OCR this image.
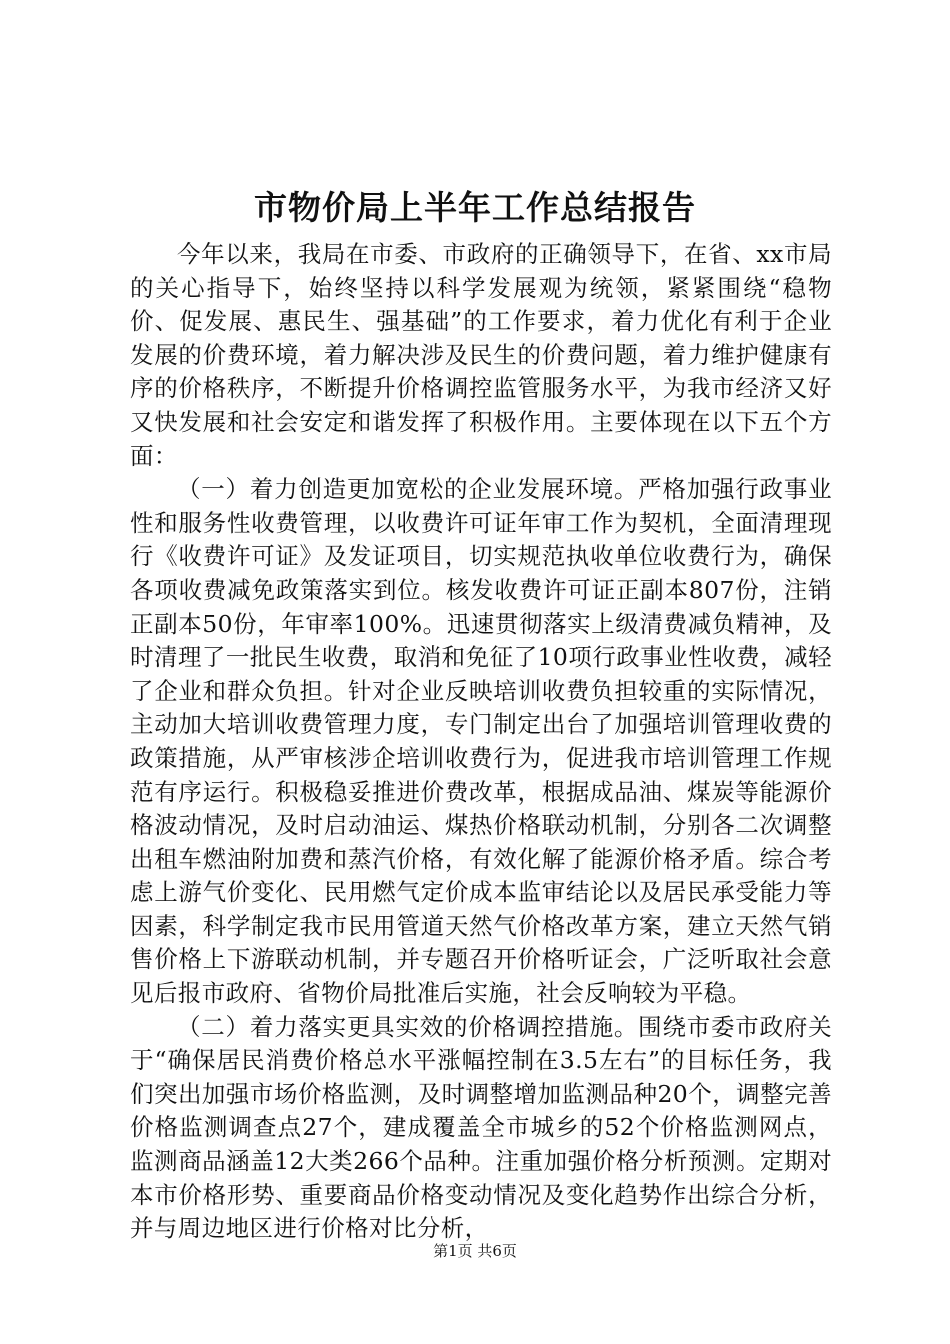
市物价局上半年工作总结报告

今年以来，我局在市委、市政府的正确领导下，在省、xx市局的关心指导下，始终坚持以科学发展观为统领，紧紧围绕“稳物价、促发展、惠民生、强基础”的工作要求，着力优化有利于企业发展的价费环境，着力解决涉及民生的价费问题，着力维护健康有序的价格秩序，不断提升价格调控监管服务水平，为我市经济又好又快发展和社会安定和谐发挥了积极作用。主要体现在以下五个方面：

（一）着力创造更加宽松的企业发展环境。严格加强行政事业性和服务性收费管理，以收费许可证年审工作为契机，全面清理现行《收费许可证》及发证项目，切实规范执收单位收费行为，确保各项收费减免政策落实到位。核发收费许可证正副本807份，注销正副本50份，年审率100%。迅速贯彻落实上级清费减负精神，及时清理了一批民生收费，取消和免征了10项行政事业性收费，减轻了企业和群众负担。针对企业反映培训收费负担较重的实际情况，主动加大培训收费管理力度，专门制定出台了加强培训管理收费的政策措施，从严审核涉企培训收费行为，促进我市培训管理工作规范有序运行。积极稳妥推进价费改革，根据成品油、煤炭等能源价格波动情况，及时启动油运、煤热价格联动机制，分别各二次调整出租车燃油附加费和蒸汽价格，有效化解了能源价格矛盾。综合考虑上游气价变化、民用燃气定价成本监审结论以及居民承受能力等因素，科学制定我市民用管道天然气价格改革方案，建立天然气销售价格上下游联动机制，并专题召开价格听证会，广泛听取社会意见后报市政府、省物价局批准后实施，社会反响较为平稳。

（二）着力落实更具实效的价格调控措施。围绕市委市政府关于“确保居民消费价格总水平涨幅控制在3.5左右”的目标任务，我们突出加强市场价格监测，及时调整增加监测品种20个，调整完善价格监测调查点27个，建成覆盖全市城乡的52个价格监测网点，监测商品涵盖12大类266个品种。注重加强价格分析预测。定期对本市价格形势、重要商品价格变动情况及变化趋势作出综合分析，并与周边地区进行价格对比分析，

第1页 共6页
